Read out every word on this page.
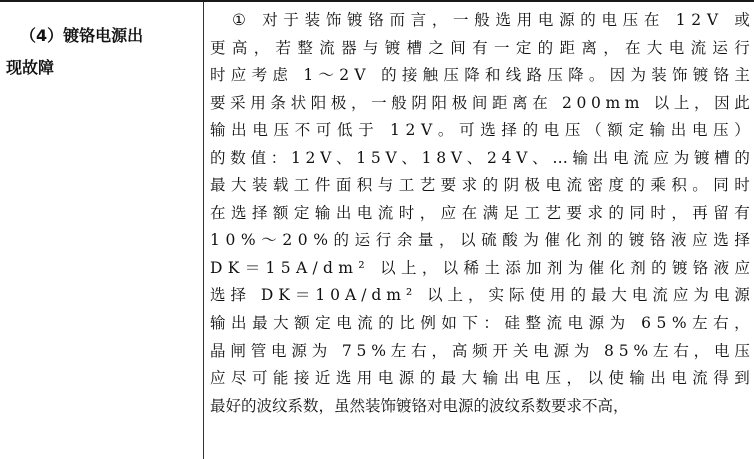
（4）镀铬电源出
现故障
①
对 于 装 饰 镀 铬 而 言 ， 一 般 选 用 电 源 的 电 压 在
1 2 V
或
更 高 ， 若 整 流 器 与 镀 槽 之 间 有 一 定 的 距 离 ， 在 大 电 流 运 行
时 应 考 虑
1 ～ 2 V
的 接 触 压 降 和 线 路 压 降 。 因 为 装 饰 镀 铬 主
要 采 用 条 状 阳 极 ， 一 般 阴 阳 极 间 距 离 在
2 0 0 m m
以 上 ， 因 此
输 出 电 压 不 可 低 于
1 2 V 。 可 选 择 的 电 压 （ 额 定 输 出 电 压 ）
的 数 值 ： 1 2 V 、 1 5 V 、 1 8 V 、 2 4 V 、 … 输 出 电 流 应 为 镀 槽 的
最 大 装 载 工 件 面 积 与 工 艺 要 求 的 阴 极 电 流 密 度 的 乘 积 。 同 时
在 选 择 额 定 输 出 电 流 时 ， 应 在 满 足 工 艺 要 求 的 同 时 ， 再 留 有
1 0 % ～ 2 0 % 的 运 行 余 量 ， 以 硫 酸 为 催 化 剂 的 镀 铬 液 应 选 择
D K ＝ 1 5 A / d m ²
以 上 ， 以 稀 土 添 加 剂 为 催 化 剂 的 镀 铬 液 应
选 择
D K ＝ 1 0 A / d m ²
以 上 ， 实 际 使 用 的 最 大 电 流 应 为 电 源
输 出 最 大 额 定 电 流 的 比 例 如 下 ： 硅 整 流 电 源 为
6 5 % 左 右 ，
晶 闸 管 电 源 为
7 5 % 左 右 ， 高 频 开 关 电 源 为
8 5 % 左 右 ， 电 压
应 尽 可 能 接 近 选 用 电 源 的 最 大 输 出 电 压 ， 以 使 输 出 电 流 得 到
最好的波纹系数，虽然装饰镀铬对电源的波纹系数要求不高，
